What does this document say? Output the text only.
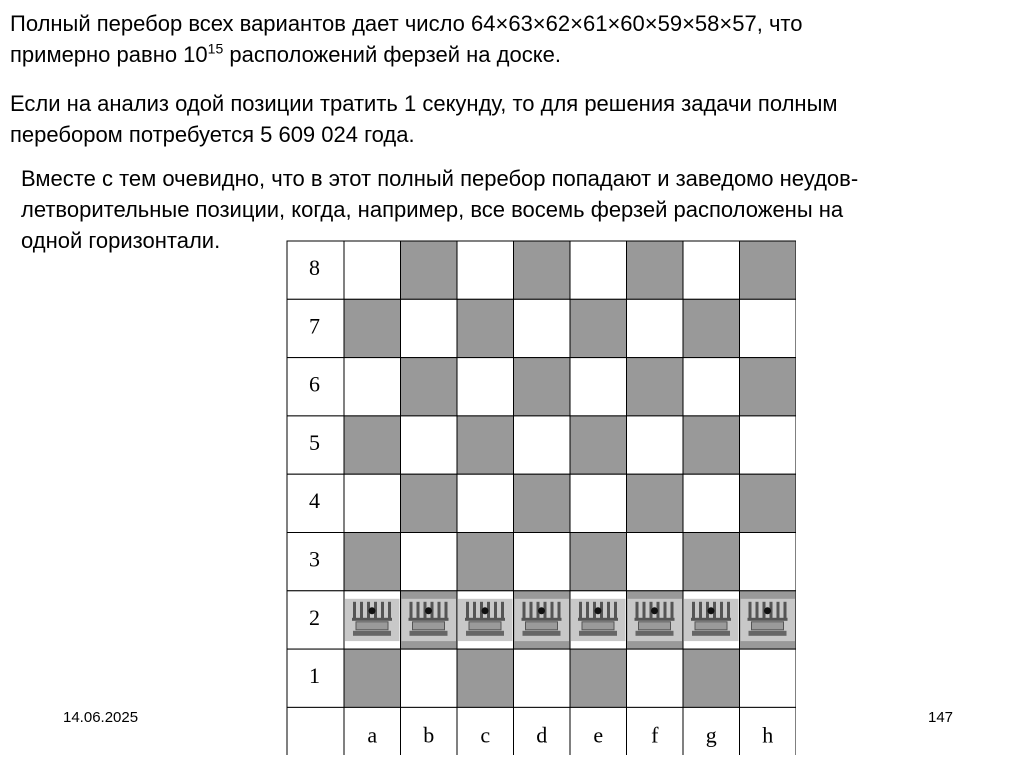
Полный перебор всех вариантов дает число 64×63×62×61×60×59×58×57, что
примерно равно $10^{15}$ расположений ферзей на доске.
Если на анализ одой позиции тратить 1 секунду, то для решения задачи полным
перебором потребуется 5 609 024 года.
Вместе с тем очевидно, что в этот полный перебор попадают и заведомо неудов-
летворительные позиции, когда, например, все восемь ферзей расположены на
одной горизонтали.
8
7
6
5
4
3
2
1
a b c d e f g h
14.06.2025	147
